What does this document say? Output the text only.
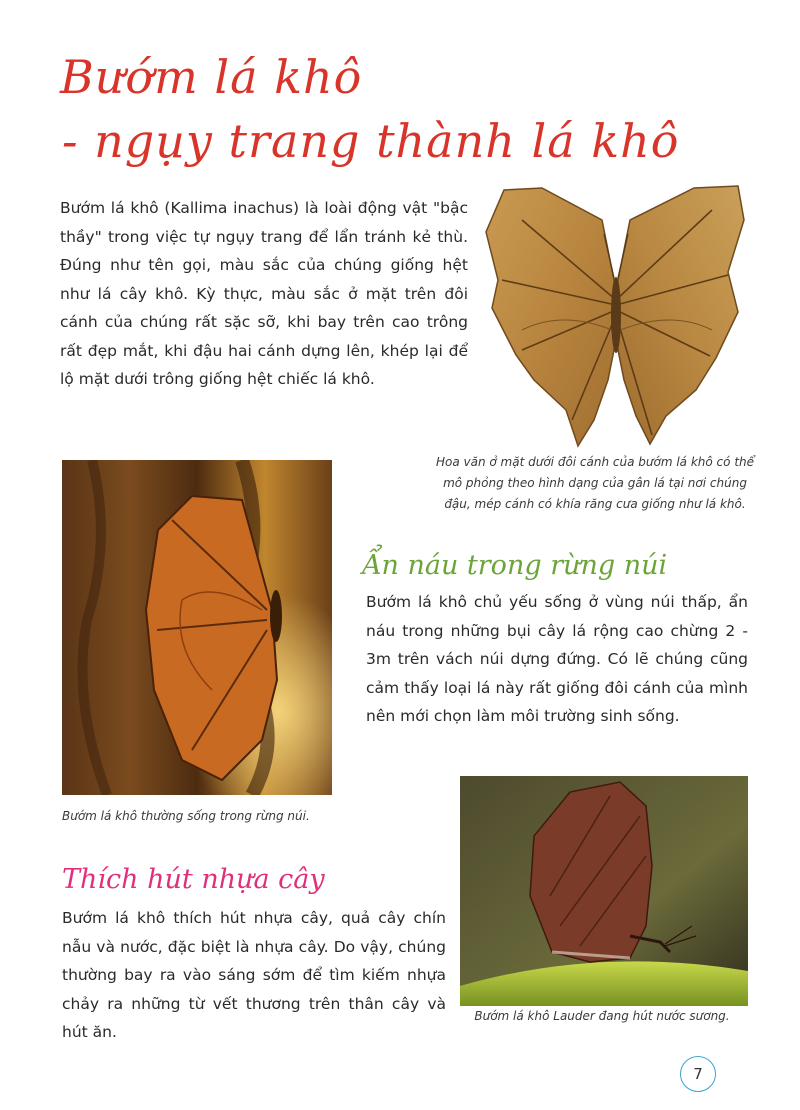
Bướm lá khô
- ngụy trang thành lá khô
Bướm lá khô (Kallima inachus) là loài động vật "bậc thầy" trong việc tự ngụy trang để lẩn tránh kẻ thù. Đúng như tên gọi, màu sắc của chúng giống hệt như lá cây khô. Kỳ thực, màu sắc ở mặt trên đôi cánh của chúng rất sặc sỡ, khi bay trên cao trông rất đẹp mắt, khi đậu hai cánh dựng lên, khép lại để lộ mặt dưới trông giống hệt chiếc lá khô.
Hoa văn ở mặt dưới đôi cánh của bướm lá khô có thể mô phỏng theo hình dạng của gân lá tại nơi chúng đậu, mép cánh có khía răng cưa giống như lá khô.
Bướm lá khô thường sống trong rừng núi.
Ẩn náu trong rừng núi
Bướm lá khô chủ yếu sống ở vùng núi thấp, ẩn náu trong những bụi cây lá rộng cao chừng 2 - 3m trên vách núi dựng đứng. Có lẽ chúng cũng cảm thấy loại lá này rất giống đôi cánh của mình nên mới chọn làm môi trường sinh sống.
Thích hút nhựa cây
Bướm lá khô thích hút nhựa cây, quả cây chín nẫu và nước, đặc biệt là nhựa cây. Do vậy, chúng thường bay ra vào sáng sớm để tìm kiếm nhựa chảy ra những từ vết thương trên thân cây và hút ăn.
Bướm lá khô Lauder đang hút nước sương.
7
